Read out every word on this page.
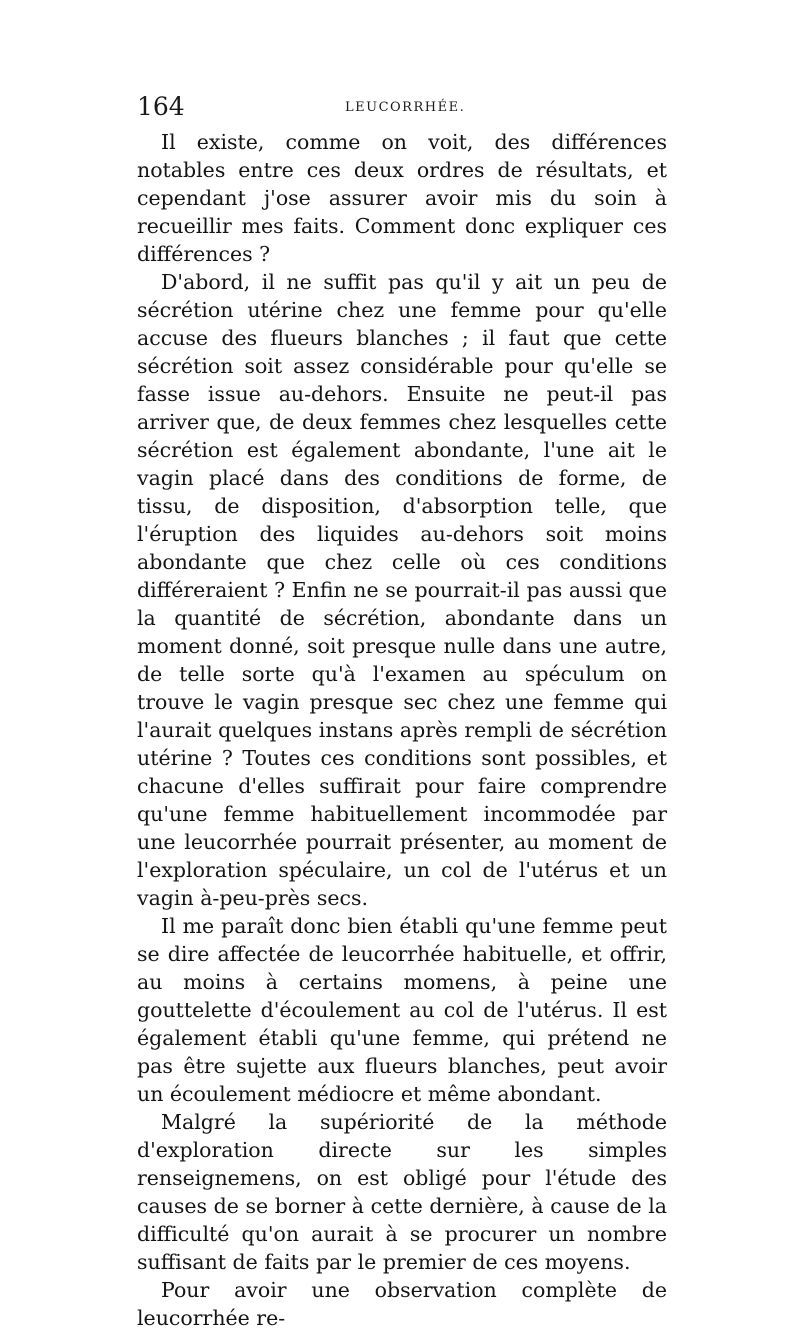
164	LEUCORRHÉE.

Il existe, comme on voit, des différences notables entre ces deux ordres de résultats, et cependant j'ose assurer avoir mis du soin à recueillir mes faits. Comment donc expliquer ces différences ?

D'abord, il ne suffit pas qu'il y ait un peu de sécrétion utérine chez une femme pour qu'elle accuse des flueurs blanches ; il faut que cette sécrétion soit assez considérable pour qu'elle se fasse issue au-dehors. Ensuite ne peut-il pas arriver que, de deux femmes chez lesquelles cette sécrétion est également abondante, l'une ait le vagin placé dans des conditions de forme, de tissu, de disposition, d'absorption telle, que l'éruption des liquides au-dehors soit moins abondante que chez celle où ces conditions différeraient ? Enfin ne se pourrait-il pas aussi que la quantité de sécrétion, abondante dans un moment donné, soit presque nulle dans une autre, de telle sorte qu'à l'examen au spéculum on trouve le vagin presque sec chez une femme qui l'aurait quelques instans après rempli de sécrétion utérine ? Toutes ces conditions sont possibles, et chacune d'elles suffirait pour faire comprendre qu'une femme habituellement incommodée par une leucorrhée pourrait présenter, au moment de l'exploration spéculaire, un col de l'utérus et un vagin à-peu-près secs.

Il me paraît donc bien établi qu'une femme peut se dire affectée de leucorrhée habituelle, et offrir, au moins à certains momens, à peine une gouttelette d'écoulement au col de l'utérus. Il est également établi qu'une femme, qui prétend ne pas être sujette aux flueurs blanches, peut avoir un écoulement médiocre et même abondant.

Malgré la supériorité de la méthode d'exploration directe sur les simples renseignemens, on est obligé pour l'étude des causes de se borner à cette dernière, à cause de la difficulté qu'on aurait à se procurer un nombre suffisant de faits par le premier de ces moyens.

Pour avoir une observation complète de leucorrhée re-
